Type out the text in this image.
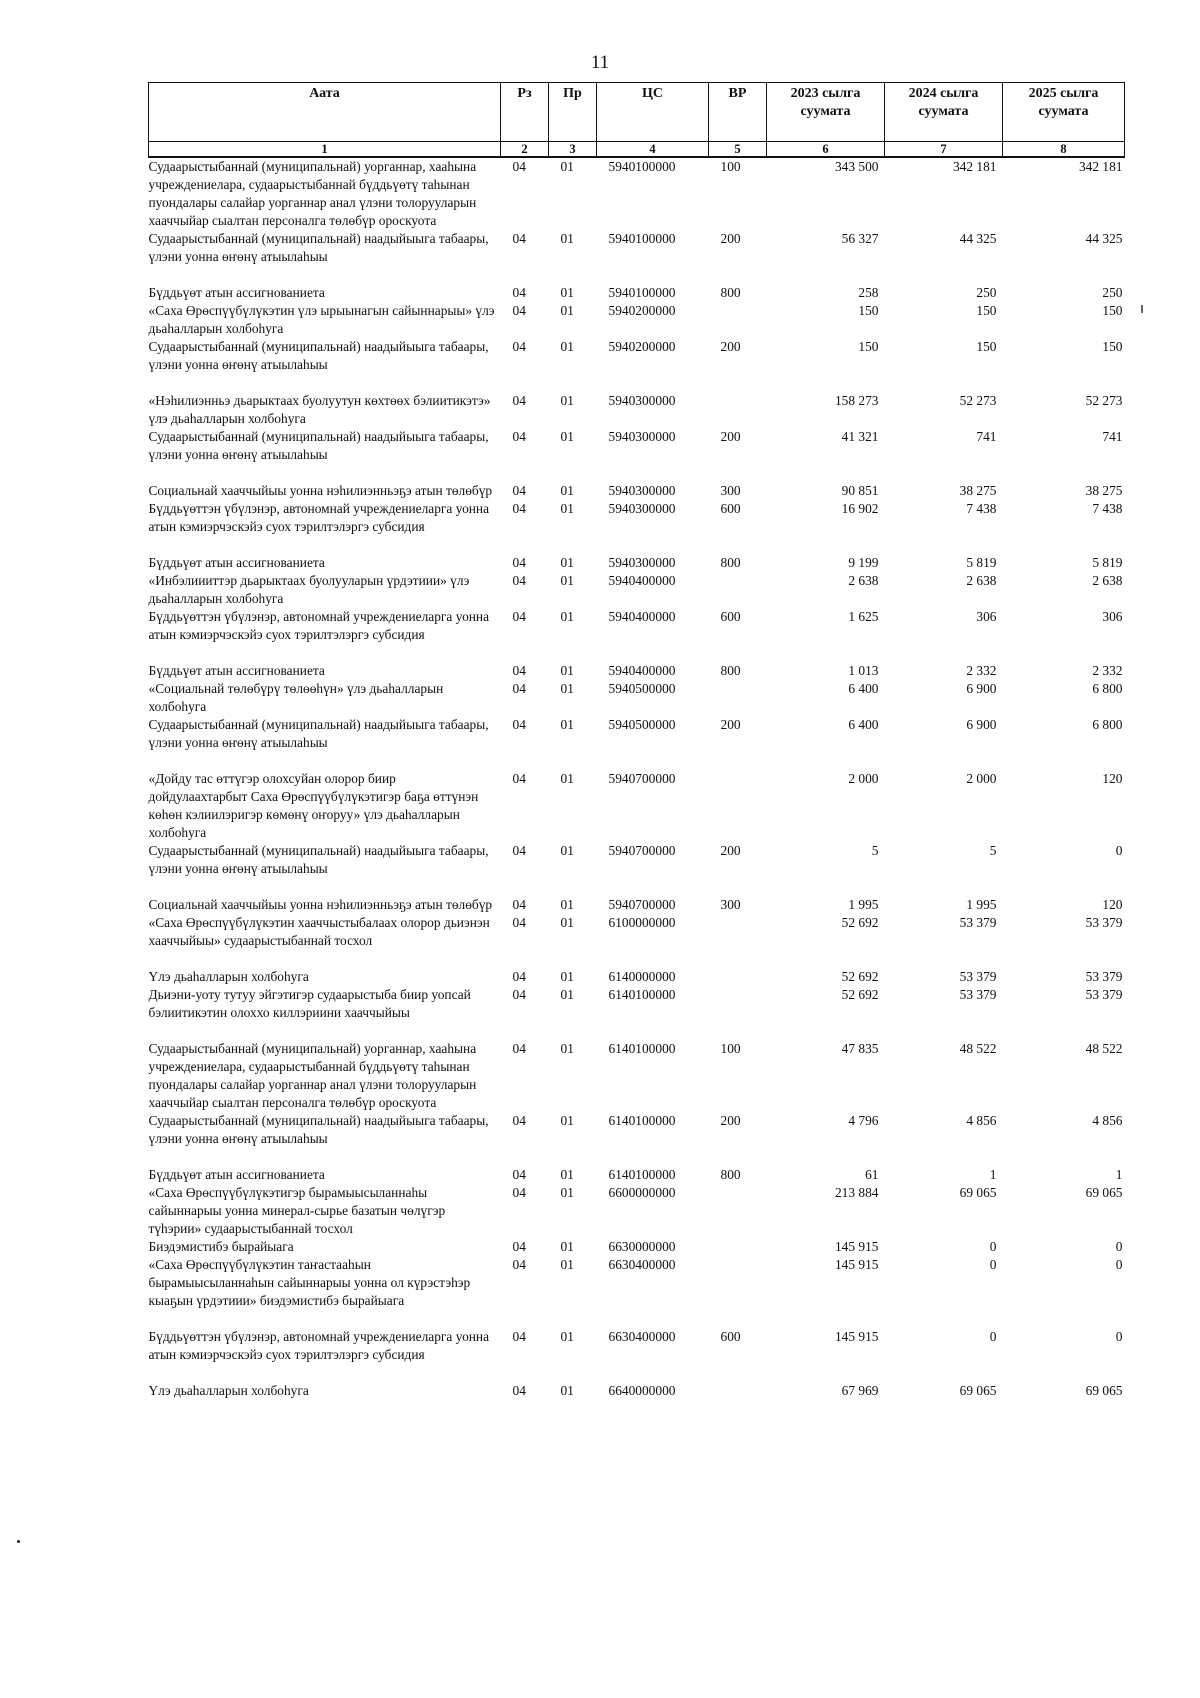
11
Аата	Рз	Пр	ЦС	ВР	2023 сылга суумата	2024 сылга суумата	2025 сылга суумата
1	2	3	4	5	6	7	8
Судаарыстыбаннай (муниципальнай) уорганнар, хааһына учреждениелара, судаарыстыбаннай бүддьүөтү таһынан пуондалары салайар уорганнар анал үлэни толорууларын хааччыйар сыалтан персоналга төлөбүр ороскуота	04	01	5940100000	100	343 500	342 181	342 181
Судаарыстыбаннай (муниципальнай) наадыйыыга табаары, үлэни уонна өҥөнү атыылаһыы	04	01	5940100000	200	56 327	44 325	44 325
Бүддьүөт атын ассигнованиета	04	01	5940100000	800	258	250	250
«Саха Өрөспүүбүлүкэтин үлэ ырыынагын сайыннарыы» үлэ дьаһалларын холбоһуга	04	01	5940200000		150	150	150
Судаарыстыбаннай (муниципальнай) наадыйыыга табаары, үлэни уонна өҥөнү атыылаһыы	04	01	5940200000	200	150	150	150
«Нэһилиэнньэ дьарыктаах буолуутун көхтөөх бэлиитикэтэ» үлэ дьаһалларын холбоһуга	04	01	5940300000		158 273	52 273	52 273
Судаарыстыбаннай (муниципальнай) наадыйыыга табаары, үлэни уонна өҥөнү атыылаһыы	04	01	5940300000	200	41 321	741	741
Социальнай хааччыйыы уонна нэһилиэнньэҕэ атын төлөбүр	04	01	5940300000	300	90 851	38 275	38 275
Бүддьүөттэн үбүлэнэр, автономнай учреждениеларга уонна атын кэмиэрчэскэйэ суох тэрилтэлэргэ субсидия	04	01	5940300000	600	16 902	7 438	7 438
Бүддьүөт атын ассигнованиета	04	01	5940300000	800	9 199	5 819	5 819
«Инбэлиииттэр дьарыктаах буолууларын үрдэтиии» үлэ дьаһалларын холбоһуга	04	01	5940400000		2 638	2 638	2 638
Бүддьүөттэн үбүлэнэр, автономнай учреждениеларга уонна атын кэмиэрчэскэйэ суох тэрилтэлэргэ субсидия	04	01	5940400000	600	1 625	306	306
Бүддьүөт атын ассигнованиета	04	01	5940400000	800	1 013	2 332	2 332
«Социальнай төлөбүрү төлөөһүн» үлэ дьаһалларын холбоһуга	04	01	5940500000		6 400	6 900	6 800
Судаарыстыбаннай (муниципальнай) наадыйыыга табаары, үлэни уонна өҥөнү атыылаһыы	04	01	5940500000	200	6 400	6 900	6 800
«Дойду тас өттүгэр олохсуйан олорор биир дойдулаахтарбыт Саха Өрөспүүбүлүкэтигэр баҕа өттүнэн көһөн кэлиилэригэр көмөнү оҥоруу» үлэ дьаһалларын холбоһуга	04	01	5940700000		2 000	2 000	120
Судаарыстыбаннай (муниципальнай) наадыйыыга табаары, үлэни уонна өҥөнү атыылаһыы	04	01	5940700000	200	5	5	0
Социальнай хааччыйыы уонна нэһилиэнньэҕэ атын төлөбүр	04	01	5940700000	300	1 995	1 995	120
«Саха Өрөспүүбүлүкэтин хааччыстыбалаах олорор дьиэнэн хааччыйыы» судаарыстыбаннай тосхол	04	01	6100000000		52 692	53 379	53 379
Үлэ дьаһалларын холбоһуга	04	01	6140000000		52 692	53 379	53 379
Дьиэни-уоту тутуу эйгэтигэр судаарыстыба биир уопсай бэлиитикэтин олоххо киллэриини хааччыйыы	04	01	6140100000		52 692	53 379	53 379
Судаарыстыбаннай (муниципальнай) уорганнар, хааһына учреждениелара, судаарыстыбаннай бүддьүөтү таһынан пуондалары салайар уорганнар анал үлэни толорууларын хааччыйар сыалтан персоналга төлөбүр ороскуота	04	01	6140100000	100	47 835	48 522	48 522
Судаарыстыбаннай (муниципальнай) наадыйыыга табаары, үлэни уонна өҥөнү атыылаһыы	04	01	6140100000	200	4 796	4 856	4 856
Бүддьүөт атын ассигнованиета	04	01	6140100000	800	61	1	1
«Саха Өрөспүүбүлүкэтигэр бырамыысыланнаһы сайыннарыы уонна минерал-сырье базатын чөлүгэр түһэрии» судаарыстыбаннай тосхол	04	01	6600000000		213 884	69 065	69 065
Биэдэмистибэ бырайыага	04	01	6630000000		145 915	0	0
«Саха Өрөспүүбүлүкэтин таҥастааһын бырамыысыланнаһын сайыннарыы уонна ол күрэстэһэр кыаҕын үрдэтиии» биэдэмистибэ бырайыага	04	01	6630400000		145 915	0	0
Бүддьүөттэн үбүлэнэр, автономнай учреждениеларга уонна атын кэмиэрчэскэйэ суох тэрилтэлэргэ субсидия	04	01	6630400000	600	145 915	0	0
Үлэ дьаһалларын холбоһуга	04	01	6640000000		67 969	69 065	69 065
